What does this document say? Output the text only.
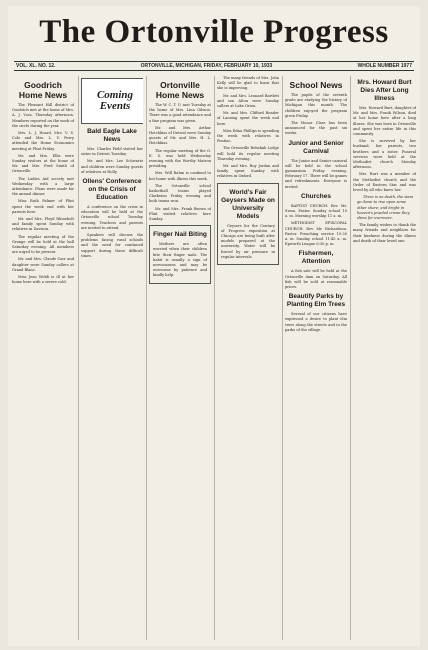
The Ortonville Progress
VOL. XL. NO. 12.	ORTONVILLE, MICHIGAN, FRIDAY, FEBRUARY 10, 1933	WHOLE NUMBER 1977
Goodrich Home News
The Pleasant Hill district of Goodrich met at the home of Mrs. A. J. Voss, Thursday afternoon. Members reported on the work of the circle during the year.
Mrs. L. J. Hoard, Mrs. V. S. Cole and Mrs. L. V. Perry attended the Home Economics meeting at Flint Friday.
Mr. and Mrs. Ellis were Sunday visitors at the home of Mr. and Mrs. Fred Smith of Ortonville.
The Ladies Aid society met Wednesday with a large attendance. Plans were made for the annual dinner.
Miss Ruth Palmer of Flint spent the week end with her parents here.
Mr. and Mrs. Floyd Rhineholt and family spent Sunday with relatives in Davison.
The regular meeting of the Grange will be held at the hall Saturday evening. All members are urged to be present.
Mr. and Mrs. Claude Carr and daughter were Sunday callers at Grand Blanc.
Miss Jean Webb is ill at her home here with a severe cold.
Coming Events
Bald Eagle Lake News
Mrs. Charles Field visited her sister in Detroit Tuesday.
Mr. and Mrs. Lee Schwartz and children were Sunday guests of relatives at Holly.
Ollens' Conference on the Crisis of Education
A conference on the crisis in education will be held at the Ortonville school Tuesday evening. Teachers and parents are invited to attend.
Speakers will discuss the problems facing rural schools and the need for continued support during these difficult times.
Ortonville Home News
The W. C. T. U. met Tuesday at the home of Mrs. Lina Gibson. There was a good attendance and a fine program was given.
Mr. and Mrs. Arthur Hotchkiss of Detroit were Sunday guests of Mr. and Mrs. H. L. Hotchkiss.
The regular meeting of the O. E. S. was held Wednesday evening with the Worthy Matron presiding.
Mrs. Will Rahm is confined to her home with illness this week.
The Ortonville school basketball teams played Clarkston Friday evening and both teams won.
Mr. and Mrs. Frank Brown of Flint visited relatives here Sunday.
Finger Nail Biting
Mothers are often worried when their children bite their finger nails. The habit is usually a sign of nervousness and may be overcome by patience and kindly help.
The many friends of Mrs. John Kelly will be glad to learn that she is improving.
Mr. and Mrs. Leonard Bartlett and son Alton were Sunday callers at Lake Orion.
Mr. and Mrs. Clifford Bender of Lansing spent the week end here.
Miss Edna Phillips is spending the week with relatives in Pontiac.
The Ortonville Rebekah Lodge will hold its regular meeting Thursday evening.
Mr. and Mrs. Roy Jordan and family spent Sunday with relatives in Oxford.
World's Fair Geysers Made on University Models
Geysers for the Century of Progress exposition at Chicago are being built after models prepared at the university. Water will be forced by air pressure in regular intervals.
School News
The pupils of the seventh grade are studying the history of Michigan this month. The children enjoyed the program given Friday.
The Honor Class has been announced for the past six weeks.
Junior and Senior Carnival
The Junior and Senior carnival will be held in the school gymnasium Friday evening, February 17. There will be games and refreshments. Everyone is invited.
Churches
BAPTIST CHURCH. Rev. Mr. Swan, Pastor. Sunday school 10 a. m. Morning worship 11 a. m.
METHODIST EPISCOPAL CHURCH. Rev. Mr. Richardson, Pastor. Preaching service 10:30 a. m. Sunday school 11:45 a. m. Epworth League 6:30 p. m.
Fishermen, Attention
A fish sale will be held at the Ortonville dam on Saturday. All fish will be sold at reasonable prices.
Beautify Parks by Planting Elm Trees
Several of our citizens have expressed a desire to plant elm trees along the streets and in the parks of the village.
Mrs. Howard Burt Dies After Long Illness
Mrs. Howard Burt, daughter of Mr. and Mrs. Frank Wilson, died at her home here after a long illness. She was born in Ortonville and spent her entire life in this community.
She is survived by her husband, her parents, two brothers and a sister. Funeral services were held at the Methodist church Monday afternoon.
Mrs. Burt was a member of the Methodist church and the Order of Eastern Star and was loved by all who knew her.
There is no death, the stars go down to rise upon some other shore; and bright in heaven's jeweled crown they shine for evermore.
The family wishes to thank the many friends and neighbors for their kindness during the illness and death of their loved one.
